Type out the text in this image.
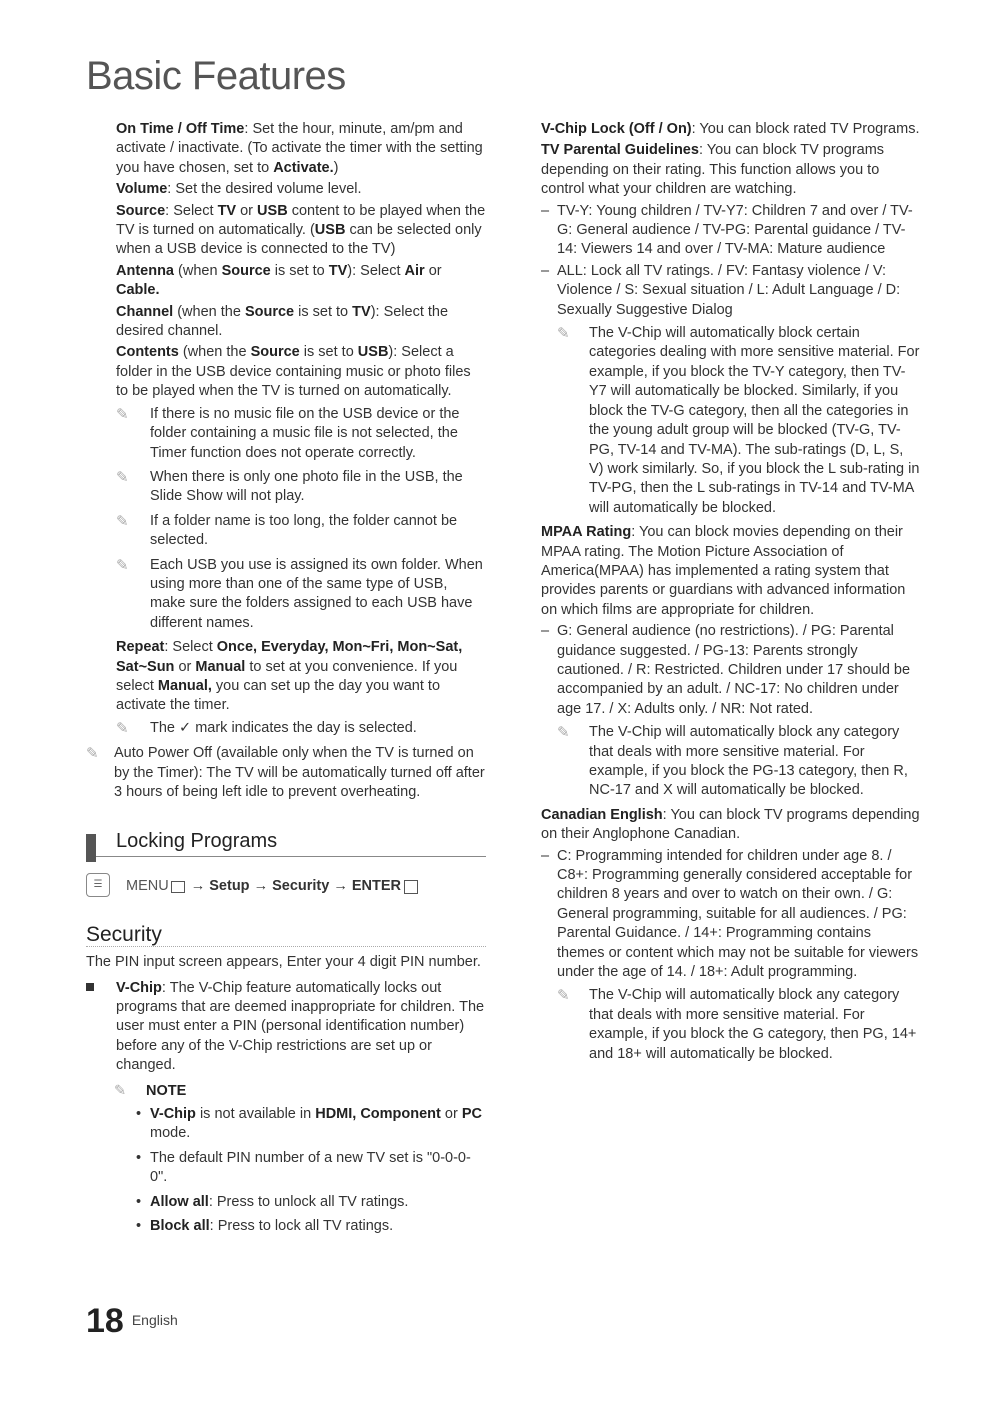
Basic Features

On Time / Off Time: Set the hour, minute, am/pm and activate / inactivate. (To activate the timer with the setting you have chosen, set to Activate.)

Volume: Set the desired volume level.

Source: Select TV or USB content to be played when the TV is turned on automatically. (USB can be selected only when a USB device is connected to the TV)

Antenna (when Source is set to TV): Select Air or Cable.

Channel (when the Source is set to TV): Select the desired channel.

Contents (when the Source is set to USB): Select a folder in the USB device containing music or photo files to be played when the TV is turned on automatically.

✎ If there is no music file on the USB device or the folder containing a music file is not selected, the Timer function does not operate correctly.
✎ When there is only one photo file in the USB, the Slide Show will not play.
✎ If a folder name is too long, the folder cannot be selected.
✎ Each USB you use is assigned its own folder. When using more than one of the same type of USB, make sure the folders assigned to each USB have different names.

Repeat: Select Once, Everyday, Mon~Fri, Mon~Sat, Sat~Sun or Manual to set at you convenience. If you select Manual, you can set up the day you want to activate the timer.

✎ The ✓ mark indicates the day is selected.
✎ Auto Power Off (available only when the TV is turned on by the Timer): The TV will be automatically turned off after 3 hours of being left idle to prevent overheating.
Locking Programs
☰	MENU → Setup → Security → ENTER
Security

The PIN input screen appears, Enter your 4 digit PIN number.

V-Chip: The V-Chip feature automatically locks out programs that are deemed inappropriate for children. The user must enter a PIN (personal identification number) before any of the V-Chip restrictions are set up or changed.
✎ NOTE
• V-Chip is not available in HDMI, Component or PC mode.
• The default PIN number of a new TV set is "0-0-0-0".
• Allow all: Press to unlock all TV ratings.
• Block all: Press to lock all TV ratings.

V-Chip Lock (Off / On): You can block rated TV Programs.

TV Parental Guidelines: You can block TV programs depending on their rating. This function allows you to control what your children are watching.

– TV-Y: Young children / TV-Y7: Children 7 and over / TV-G: General audience / TV-PG: Parental guidance / TV-14: Viewers 14 and over / TV-MA: Mature audience
– ALL: Lock all TV ratings. / FV: Fantasy violence / V: Violence / S: Sexual situation / L: Adult Language / D: Sexually Suggestive Dialog
✎ The V-Chip will automatically block certain categories dealing with more sensitive material. For example, if you block the TV-Y category, then TV-Y7 will automatically be blocked. Similarly, if you block the TV-G category, then all the categories in the young adult group will be blocked (TV-G, TV-PG, TV-14 and TV-MA). The sub-ratings (D, L, S, V) work similarly. So, if you block the L sub-rating in TV-PG, then the L sub-ratings in TV-14 and TV-MA will automatically be blocked.

MPAA Rating: You can block movies depending on their MPAA rating. The Motion Picture Association of America(MPAA) has implemented a rating system that provides parents or guardians with advanced information on which films are appropriate for children.

– G: General audience (no restrictions). / PG: Parental guidance suggested. / PG-13: Parents strongly cautioned. / R: Restricted. Children under 17 should be accompanied by an adult. / NC-17: No children under age 17. / X: Adults only. / NR: Not rated.
✎ The V-Chip will automatically block any category that deals with more sensitive material. For example, if you block the PG-13 category, then R, NC-17 and X will automatically be blocked.

Canadian English: You can block TV programs depending on their Anglophone Canadian.

– C: Programming intended for children under age 8. / C8+: Programming generally considered acceptable for children 8 years and over to watch on their own. / G: General programming, suitable for all audiences. / PG: Parental Guidance. / 14+: Programming contains themes or content which may not be suitable for viewers under the age of 14. / 18+: Adult programming.
✎ The V-Chip will automatically block any category that deals with more sensitive material. For example, if you block the G category, then PG, 14+ and 18+ will automatically be blocked.
18 English
